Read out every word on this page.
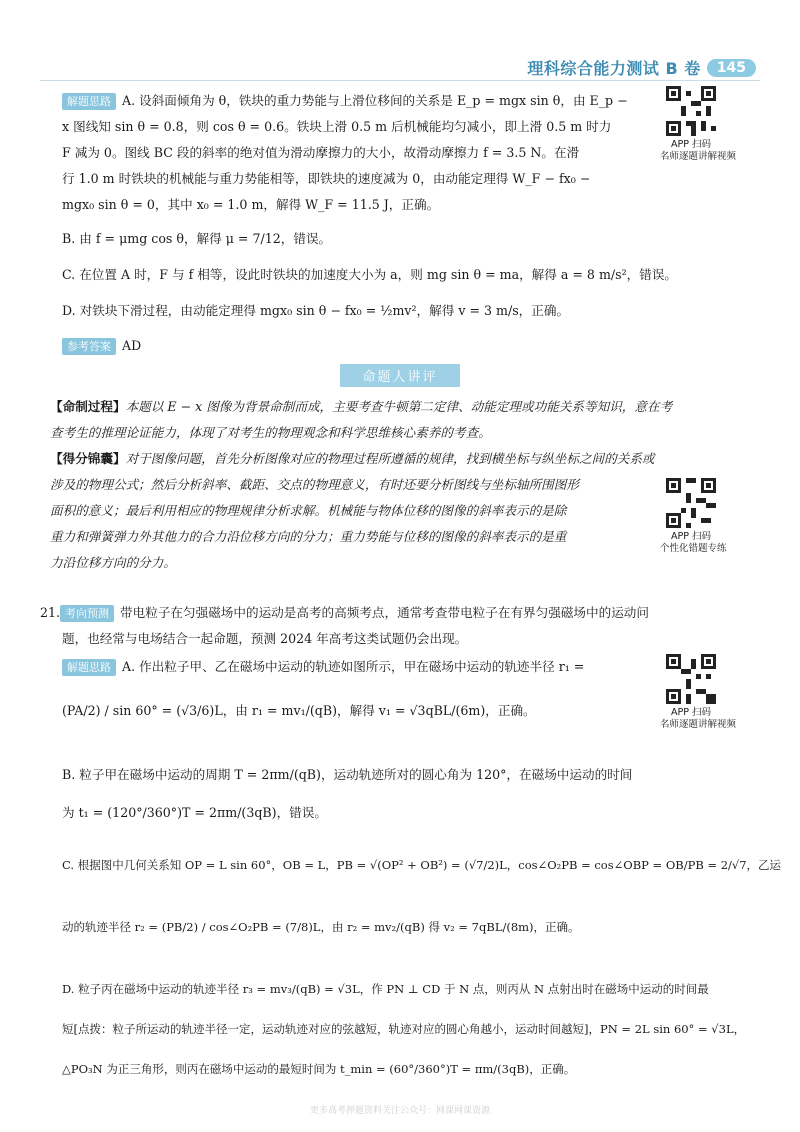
理科综合能力测试 B 卷	145
解题思路 A. 设斜面倾角为 θ，铁块的重力势能与上滑位移间的关系是 E_p = mgx sin θ，由 E_p −
x 图线知 sin θ = 0.8，则 cos θ = 0.6。铁块上滑 0.5 m 后机械能均匀减小，即上滑 0.5 m 时力
F 减为 0。图线 BC 段的斜率的绝对值为滑动摩擦力的大小，故滑动摩擦力 f = 3.5 N。在滑
行 1.0 m 时铁块的机械能与重力势能相等，即铁块的速度减为 0，由动能定理得 W_F − fx₀ −
mgx₀ sin θ = 0，其中 x₀ = 1.0 m，解得 W_F = 11.5 J，正确。
APP 扫码
名师逐题讲解视频
B. 由 f = μmg cos θ，解得 μ = 7/12，错误。
C. 在位置 A 时，F 与 f 相等，设此时铁块的加速度大小为 a，则 mg sin θ = ma，解得 a = 8 m/s²，错误。
D. 对铁块下滑过程，由动能定理得 mgx₀ sin θ − fx₀ = ½mv²，解得 v = 3 m/s，正确。
参考答案 AD
命题人讲评
【命制过程】本题以 E − x 图像为背景命制而成，主要考查牛顿第二定律、动能定理或功能关系等知识，意在考
查考生的推理论证能力，体现了对考生的物理观念和科学思维核心素养的考查。
【得分锦囊】对于图像问题，首先分析图像对应的物理过程所遵循的规律，找到横坐标与纵坐标之间的关系或
涉及的物理公式；然后分析斜率、截距、交点的物理意义，有时还要分析图线与坐标轴所围图形
面积的意义；最后利用相应的物理规律分析求解。机械能与物体位移的图像的斜率表示的是除
重力和弹簧弹力外其他力的合力沿位移方向的分力；重力势能与位移的图像的斜率表示的是重
力沿位移方向的分力。
APP 扫码
个性化错题专练
21. 考向预测 带电粒子在匀强磁场中的运动是高考的高频考点，通常考查带电粒子在有界匀强磁场中的运动问
题，也经常与电场结合一起命题，预测 2024 年高考这类试题仍会出现。
解题思路 A. 作出粒子甲、乙在磁场中运动的轨迹如图所示，甲在磁场中运动的轨迹半径 r₁ =
(PA/2) / sin 60° = (√3/6)L，由 r₁ = mv₁/(qB)，解得 v₁ = √3qBL/(6m)，正确。	APP 扫码
名师逐题讲解视频
B. 粒子甲在磁场中运动的周期 T = 2πm/(qB)，运动轨迹所对的圆心角为 120°，在磁场中运动的时间
为 t₁ = (120°/360°)T = 2πm/(3qB)，错误。
C. 根据图中几何关系知 OP = L sin 60°，OB = L，PB = √(OP² + OB²) = (√7/2)L，cos∠O₂PB = cos∠OBP = OB/PB = 2/√7，乙运
动的轨迹半径 r₂ = (PB/2) / cos∠O₂PB = (7/8)L，由 r₂ = mv₂/(qB) 得 v₂ = 7qBL/(8m)，正确。
D. 粒子丙在磁场中运动的轨迹半径 r₃ = mv₃/(qB) = √3L，作 PN ⊥ CD 于 N 点，则丙从 N 点射出时在磁场中运动的时间最
短[点拨：粒子所运动的轨迹半径一定，运动轨迹对应的弦越短，轨迹对应的圆心角越小，运动时间越短]，PN = 2L sin 60° = √3L，
△PO₃N 为正三角形，则丙在磁场中运动的最短时间为 t_min = (60°/360°)T = πm/(3qB)，正确。
更多高考押题资料关注公众号：网课网课资源
